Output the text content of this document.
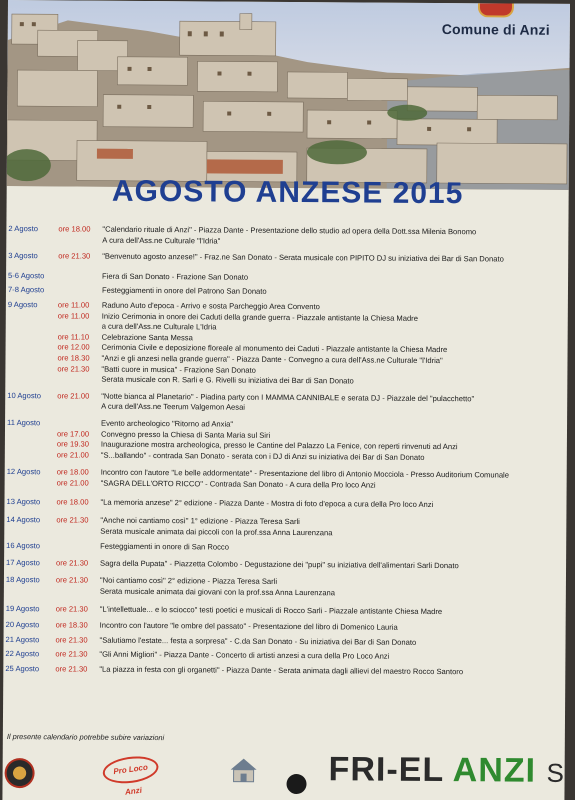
Comune di Anzi
AGOSTO ANZESE 2015
2 Agosto	ore 18.00	"Calendario rituale di Anzi" - Piazza Dante - Presentazione dello studio ad opera della Dott.ssa Milenia Bonomo
A cura dell'Ass.ne Culturale "l'Idria"
3 Agosto	ore 21.30	"Benvenuto agosto anzese!" - Fraz.ne San Donato - Serata musicale con PIPITO DJ su iniziativa dei Bar di San Donato
5-6 Agosto	Fiera di San Donato - Frazione San Donato
7-8 Agosto	Festeggiamenti in onore del Patrono San Donato
9 Agosto	ore 11.00	Raduno Auto d'epoca - Arrivo e sosta Parcheggio Area Convento
ore 11.00	Inizio Cerimonia in onore dei Caduti della grande guerra - Piazzale antistante la Chiesa Madre
a cura dell'Ass.ne Culturale L'Idria
ore 11.10	Celebrazione Santa Messa
ore 12.00	Cerimonia Civile e deposizione floreale al monumento dei Caduti - Piazzale antistante la Chiesa Madre
ore 18.30	"Anzi e gli anzesi nella grande guerra" - Piazza Dante - Convegno a cura dell'Ass.ne Culturale "l'Idria"
ore 21.30	"Batti cuore in musica" - Frazione San Donato
Serata musicale con R. Sarli e G. Rivelli su iniziativa dei Bar di San Donato
10 Agosto	ore 21.00	"Notte bianca al Planetario" - Piadina party con I MAMMA CANNIBALE e serata DJ - Piazzale del "pulacchetto"
A cura dell'Ass.ne Teerum Valgemon Aesai
11 Agosto	Evento archeologico "Ritorno ad Anxia"
ore 17.00	Convegno presso la Chiesa di Santa Maria sul Siri
ore 19.30	Inaugurazione mostra archeologica, presso le Cantine del Palazzo La Fenice, con reperti rinvenuti ad Anzi
ore 21.00	"S...ballando" - contrada San Donato - serata con i DJ di Anzi su iniziativa dei Bar di San Donato
12 Agosto	ore 18.00	Incontro con l'autore "Le belle addormentate" - Presentazione del libro di Antonio Mocciola - Presso Auditorium Comunale
ore 21.00	"SAGRA DELL'ORTO RICCO" - Contrada San Donato - A cura della Pro loco Anzi
13 Agosto	ore 18.00	"La memoria anzese" 2° edizione - Piazza Dante - Mostra di foto d'epoca a cura della Pro loco Anzi
14 Agosto	ore 21.30	"Anche noi cantiamo così" 1° edizione - Piazza Teresa Sarli
Serata musicale animata dai piccoli con la prof.ssa Anna Laurenzana
16 Agosto	Festeggiamenti in onore di San Rocco
17 Agosto	ore 21.30	Sagra della Pupata" - Piazzetta Colombo - Degustazione dei "pupi" su iniziativa dell'alimentari Sarli Donato
18 Agosto	ore 21.30	"Noi cantiamo così" 2° edizione - Piazza Teresa Sarli
Serata musicale animata dai giovani con la prof.ssa Anna Laurenzana
19 Agosto	ore 21.30	"L'intellettuale... e lo sciocco" testi poetici e musicali di Rocco Sarli - Piazzale antistante Chiesa Madre
20 Agosto	ore 18.30	Incontro con l'autore "le ombre del passato" - Presentazione del libro di Domenico Lauria
21 Agosto	ore 21.30	"Salutiamo l'estate... festa a sorpresa" - C.da San Donato - Su iniziativa dei Bar di San Donato
22 Agosto	ore 21.30	"Gli Anni Migliori" - Piazza Dante - Concerto di artisti anzesi a cura della Pro Loco Anzi
25 Agosto	ore 21.30	"La piazza in festa con gli organetti" - Piazza Dante - Serata animata dagli allievi del maestro Rocco Santoro
Il presente calendario potrebbe subire variazioni
Pro Loco Anzi
FRI-EL ANZI S
